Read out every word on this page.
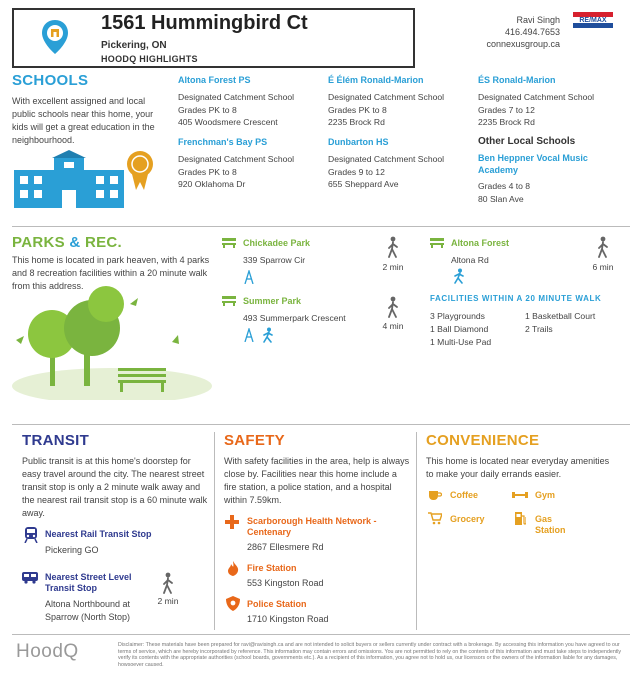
1561 Hummingbird Ct
Pickering, ON
HOODQ HIGHLIGHTS
Ravi Singh
416.494.7653
connexusgroup.ca
RE/MAX
SCHOOLS
With excellent assigned and local public schools near this home, your kids will get a great education in the neighbourhood.
Altona Forest PS
Designated Catchment School
Grades PK to 8
405 Woodsmere Crescent
Frenchman's Bay PS
Designated Catchment School
Grades PK to 8
920 Oklahoma Dr
É Élém Ronald-Marion
Designated Catchment School
Grades PK to 8
2235 Brock Rd
Dunbarton HS
Designated Catchment School
Grades 9 to 12
655 Sheppard Ave
ÉS Ronald-Marion
Designated Catchment School
Grades 7 to 12
2235 Brock Rd
Other Local Schools
Ben Heppner Vocal Music Academy
Grades 4 to 8
80 Slan Ave
PARKS & REC.
This home is located in park heaven, with 4 parks and 8 recreation facilities within a 20 minute walk from this address.
Chickadee Park
339 Sparrow Cir
2 min
Altona Forest
Altona Rd
6 min
Summer Park
493 Summerpark Crescent
4 min
FACILITIES WITHIN A 20 MINUTE WALK
3 Playgrounds	1 Basketball Court
1 Ball Diamond	2 Trails
1 Multi-Use Pad
TRANSIT
Public transit is at this home's doorstep for easy travel around the city. The nearest street transit stop is only a 2 minute walk away and the nearest rail transit stop is a 60 minute walk away.
Nearest Rail Transit Stop
Pickering GO
Nearest Street Level Transit Stop
Altona Northbound at Sparrow (North Stop)
2 min
SAFETY
With safety facilities in the area, help is always close by. Facilities near this home include a fire station, a police station, and a hospital within 7.59km.
Scarborough Health Network - Centenary
2867 Ellesmere Rd
Fire Station
553 Kingston Road
Police Station
1710 Kingston Road
CONVENIENCE
This home is located near everyday amenities to make your daily errands easier.
Coffee	Gym
Grocery	Gas Station
HoodQ	Disclaimer: These materials have been prepared for ravi@ravisingh.ca and are not intended to solicit buyers or sellers currently under contract with a brokerage. By accessing this information you have agreed to our terms of service, which are hereby incorporated by reference. This information may contain errors and omissions. You are not permitted to rely on the contents of this information and must take steps to independently verify its contents with the appropriate authorities (school boards, governments etc.). As a recipient of this information, you agree not to hold us, our licensors or the owners of the information liable for any damages, howsoever caused.
